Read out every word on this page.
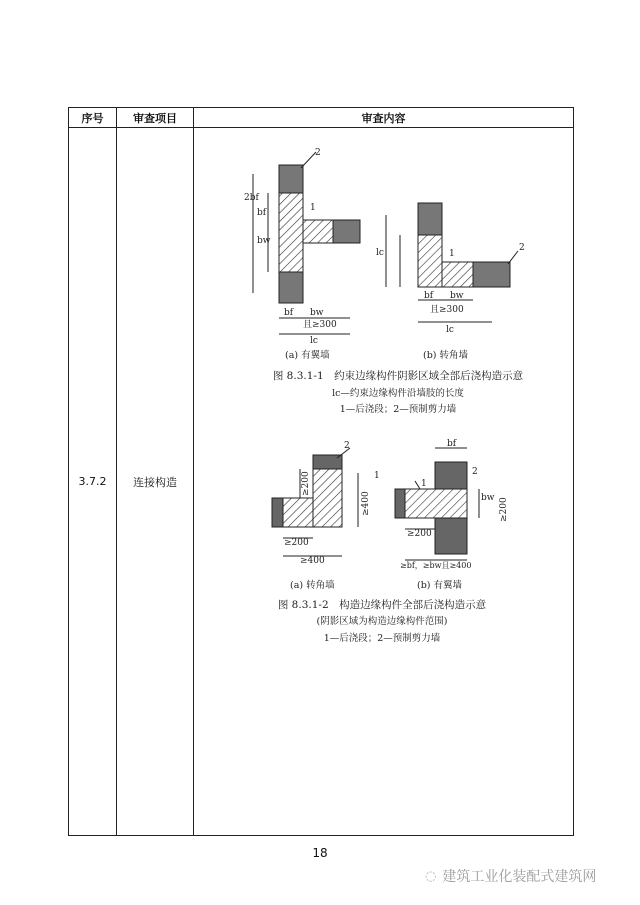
序号	审查项目	审查内容
3.7.2	连接构造	
2
1
2bf
bf
bw
bf bw
且≥300
lc
1
2
bf bw
且≥300
lc
lc
(a) 有翼墙	(b) 转角墙
图 8.3.1-1　约束边缘构件阴影区域全部后浇构造示意
lc—约束边缘构件沿墙肢的长度
1—后浇段；2—预制剪力墙
2
1
≥200
≥400
≥200
≥400
bf
2
1
bw ≥200
≥200
≥bf，≥bw且≥400
(a) 转角墙	(b) 有翼墙
图 8.3.1-2　构造边缘构件全部后浇构造示意
(阴影区域为构造边缘构件范围)
1—后浇段；2—预制剪力墙
18
◌ 建筑工业化装配式建筑网
